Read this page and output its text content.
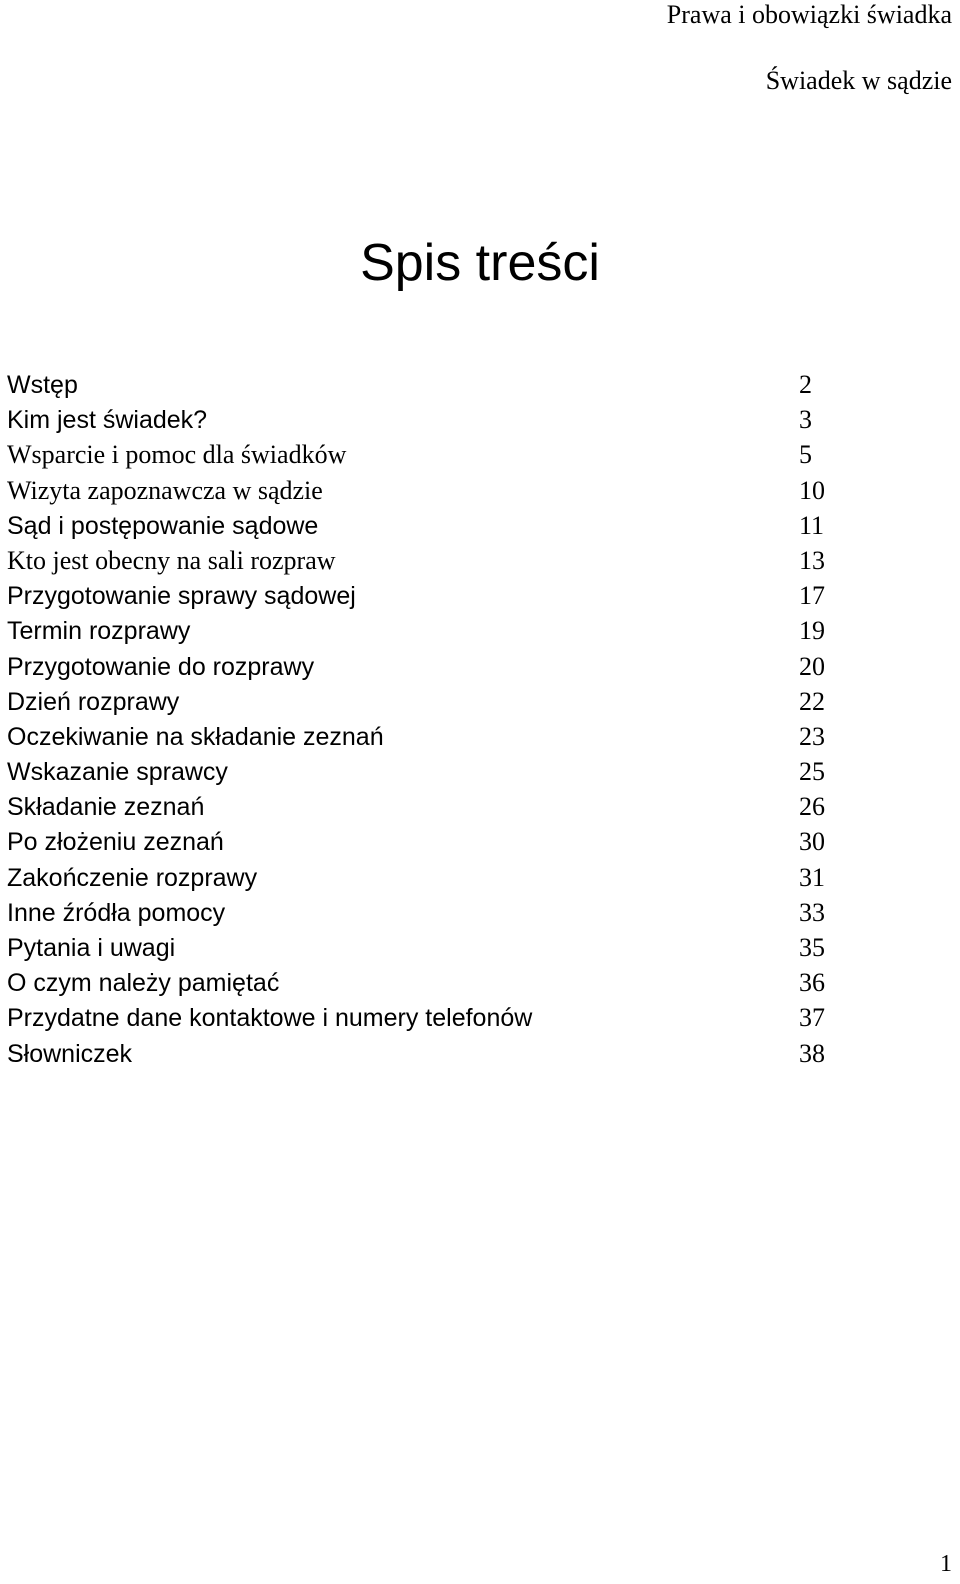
Prawa i obowiązki świadka
Świadek w sądzie
Spis treści
Wstęp	2
Kim jest świadek?	3
Wsparcie i pomoc dla świadków	5
Wizyta zapoznawcza w sądzie	10
Sąd i postępowanie sądowe	11
Kto jest obecny na sali rozpraw	13
Przygotowanie sprawy sądowej	17
Termin rozprawy	19
Przygotowanie do rozprawy	20
Dzień rozprawy	22
Oczekiwanie na składanie zeznań	23
Wskazanie sprawcy	25
Składanie zeznań	26
Po złożeniu zeznań	30
Zakończenie rozprawy	31
Inne źródła pomocy	33
Pytania i uwagi	35
O czym należy pamiętać	36
Przydatne dane kontaktowe i numery telefonów	37
Słowniczek	38
1
